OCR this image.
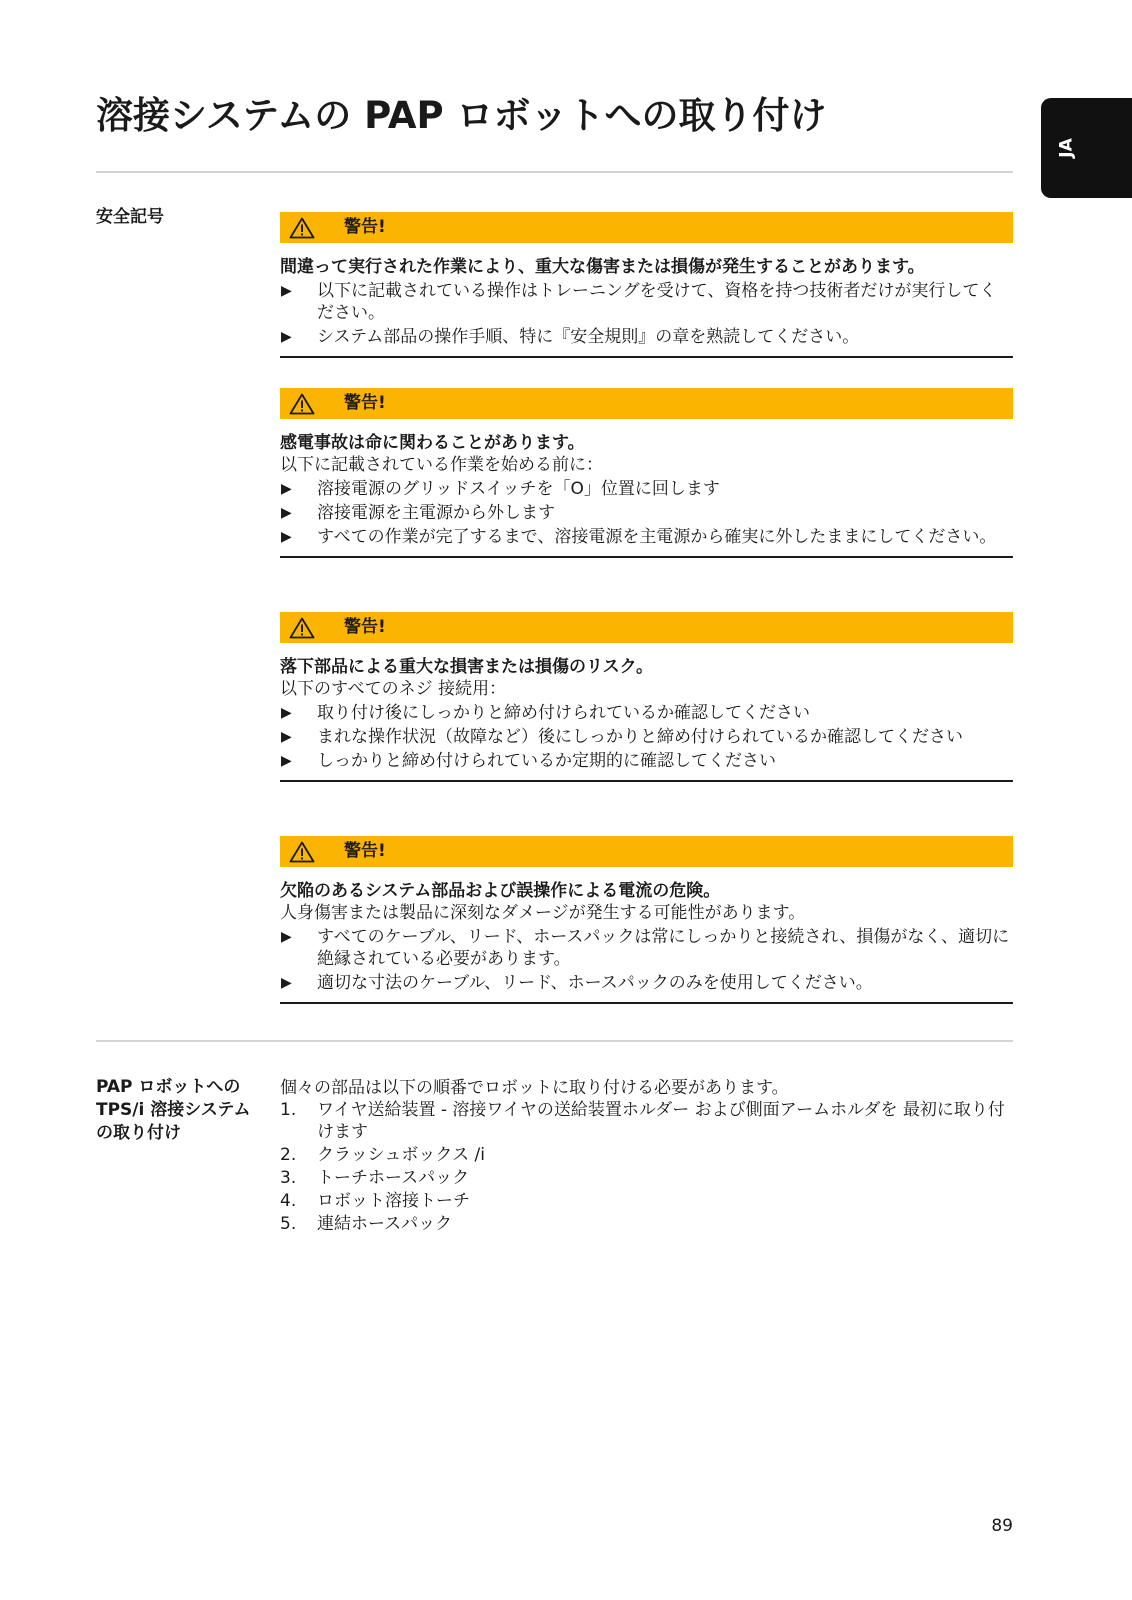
溶接システムの PAP ロボットへの取り付け
JA
安全記号	警告!
間違って実行された作業により、重大な傷害または損傷が発生することがあります。
▶ 以下に記載されている操作はトレーニングを受けて、資格を持つ技術者だけが実行してください。
▶ システム部品の操作手順、特に『安全規則』の章を熟読してください。
警告!
感電事故は命に関わることがあります。
以下に記載されている作業を始める前に：
▶ 溶接電源のグリッドスイッチを「O」位置に回します
▶ 溶接電源を主電源から外します
▶ すべての作業が完了するまで、溶接電源を主電源から確実に外したままにしてください。
警告!
落下部品による重大な損害または損傷のリスク。
以下のすべてのネジ 接続用：
▶ 取り付け後にしっかりと締め付けられているか確認してください
▶ まれな操作状況（故障など）後にしっかりと締め付けられているか確認してください
▶ しっかりと締め付けられているか定期的に確認してください
警告!
欠陥のあるシステム部品および誤操作による電流の危険。
人身傷害または製品に深刻なダメージが発生する可能性があります。
▶ すべてのケーブル、リード、ホースパックは常にしっかりと接続され、損傷がなく、適切に絶縁されている必要があります。
▶ 適切な寸法のケーブル、リード、ホースパックのみを使用してください。
PAP ロボットへの TPS/i 溶接システムの取り付け
個々の部品は以下の順番でロボットに取り付ける必要があります。
1. ワイヤ送給装置 - 溶接ワイヤの送給装置ホルダー および側面アームホルダを 最初に取り付けます
2. クラッシュボックス /i
3. トーチホースパック
4. ロボット溶接トーチ
5. 連結ホースパック
89
